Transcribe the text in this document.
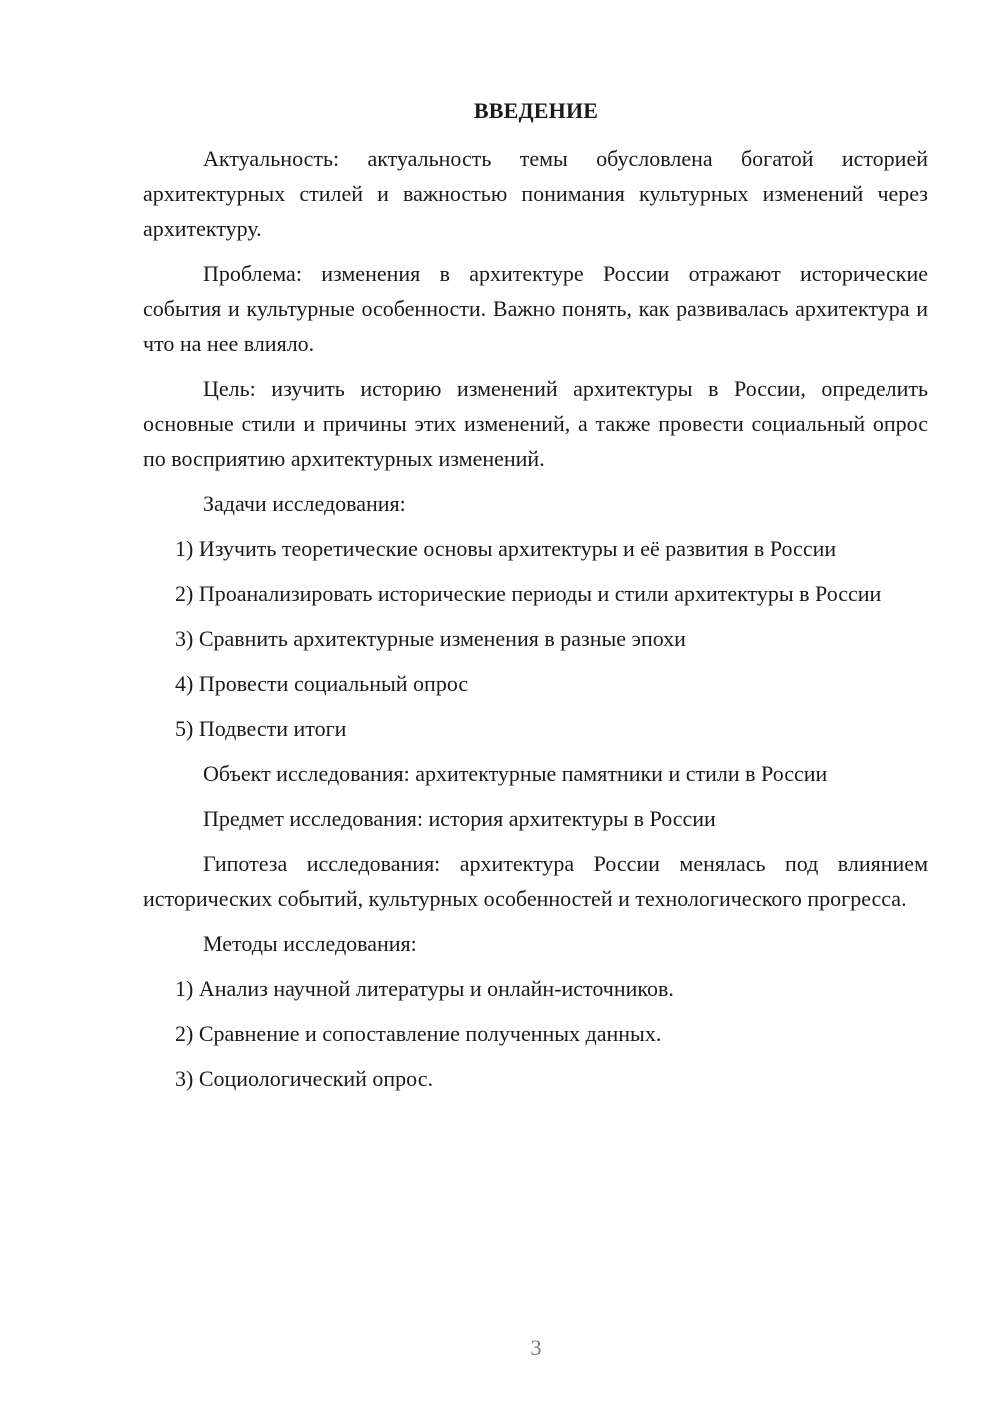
ВВЕДЕНИЕ

Актуальность: актуальность темы обусловлена богатой историей архитектурных стилей и важностью понимания культурных изменений через архитектуру.

Проблема: изменения в архитектуре России отражают исторические события и культурные особенности. Важно понять, как развивалась архитектура и что на нее влияло.

Цель: изучить историю изменений архитектуры в России, определить основные стили и причины этих изменений, а также провести социальный опрос по восприятию архитектурных изменений.

Задачи исследования:

1) Изучить теоретические основы архитектуры и её развития в России

2) Проанализировать исторические периоды и стили архитектуры в России

3) Сравнить архитектурные изменения в разные эпохи

4) Провести социальный опрос

5) Подвести итоги

Объект исследования: архитектурные памятники и стили в России

Предмет исследования: история архитектуры в России

Гипотеза исследования: архитектура России менялась под влиянием исторических событий, культурных особенностей и технологического прогресса.

Методы исследования:

1) Анализ научной литературы и онлайн-источников.

2) Сравнение и сопоставление полученных данных.

3) Социологический опрос.

3
